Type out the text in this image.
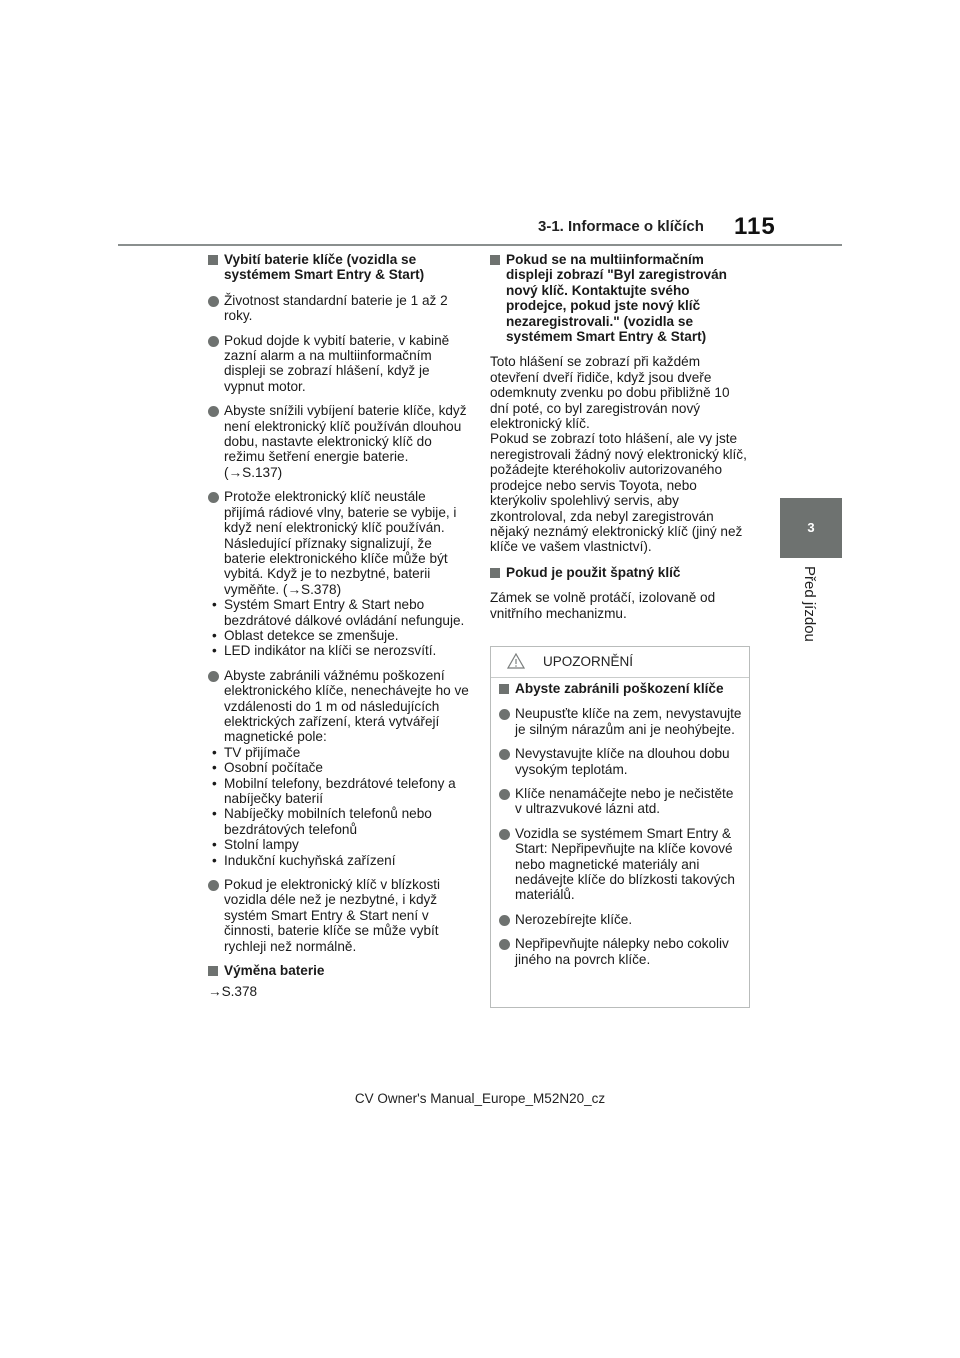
3-1. Informace o klíčích 115
3
Před jízdou
Vybití baterie klíče (vozidla se systémem Smart Entry & Start)
Životnost standardní baterie je 1 až 2 roky.
Pokud dojde k vybití baterie, v kabině zazní alarm a na multiinformačním displeji se zobrazí hlášení, když je vypnut motor.
Abyste snížili vybíjení baterie klíče, když není elektronický klíč používán dlouhou dobu, nastavte elektronický klíč do režimu šetření energie baterie. (→S.137)
Protože elektronický klíč neustále přijímá rádiové vlny, baterie se vybije, i když není elektronický klíč používán. Následující příznaky signalizují, že baterie elektronického klíče může být vybitá. Když je to nezbytné, baterii vyměňte. (→S.378)
• Systém Smart Entry & Start nebo bezdrátové dálkové ovládání nefunguje.
• Oblast detekce se zmenšuje.
• LED indikátor na klíči se nerozsvítí.
Abyste zabránili vážnému poškození elektronického klíče, nenechávejte ho ve vzdálenosti do 1 m od následujících elektrických zařízení, která vytvářejí magnetické pole:
• TV přijímače
• Osobní počítače
• Mobilní telefony, bezdrátové telefony a nabíječky baterií
• Nabíječky mobilních telefonů nebo bezdrátových telefonů
• Stolní lampy
• Indukční kuchyňská zařízení
Pokud je elektronický klíč v blízkosti vozidla déle než je nezbytné, i když systém Smart Entry & Start není v činnosti, baterie klíče se může vybít rychleji než normálně.
Výměna baterie
→S.378
Pokud se na multiinformačním displeji zobrazí "Byl zaregistrován nový klíč. Kontaktujte svého prodejce, pokud jste nový klíč nezaregistrovali." (vozidla se systémem Smart Entry & Start)

Toto hlášení se zobrazí při každém otevření dveří řidiče, když jsou dveře odemknuty zvenku po dobu přibližně 10 dní poté, co byl zaregistrován nový elektronický klíč.

Pokud se zobrazí toto hlášení, ale vy jste neregistrovali žádný nový elektronický klíč, požádejte kteréhokoliv autorizovaného prodejce nebo servis Toyota, nebo kterýkoliv spolehlivý servis, aby zkontroloval, zda nebyl zaregistrován nějaký neznámý elektronický klíč (jiný než klíče ve vašem vlastnictví).

Pokud je použit špatný klíč

Zámek se volně protáčí, izolovaně od vnitřního mechanizmu.

UPOZORNĚNÍ
Abyste zabránili poškození klíče
Neupusťte klíče na zem, nevystavujte je silným nárazům ani je neohýbejte.
Nevystavujte klíče na dlouhou dobu vysokým teplotám.
Klíče nenamáčejte nebo je nečistěte v ultrazvukové lázni atd.
Vozidla se systémem Smart Entry & Start: Nepřipevňujte na klíče kovové nebo magnetické materiály ani nedávejte klíče do blízkosti takových materiálů.
Nerozebírejte klíče.
Nepřipevňujte nálepky nebo cokoliv jiného na povrch klíče.
CV Owner's Manual_Europe_M52N20_cz
